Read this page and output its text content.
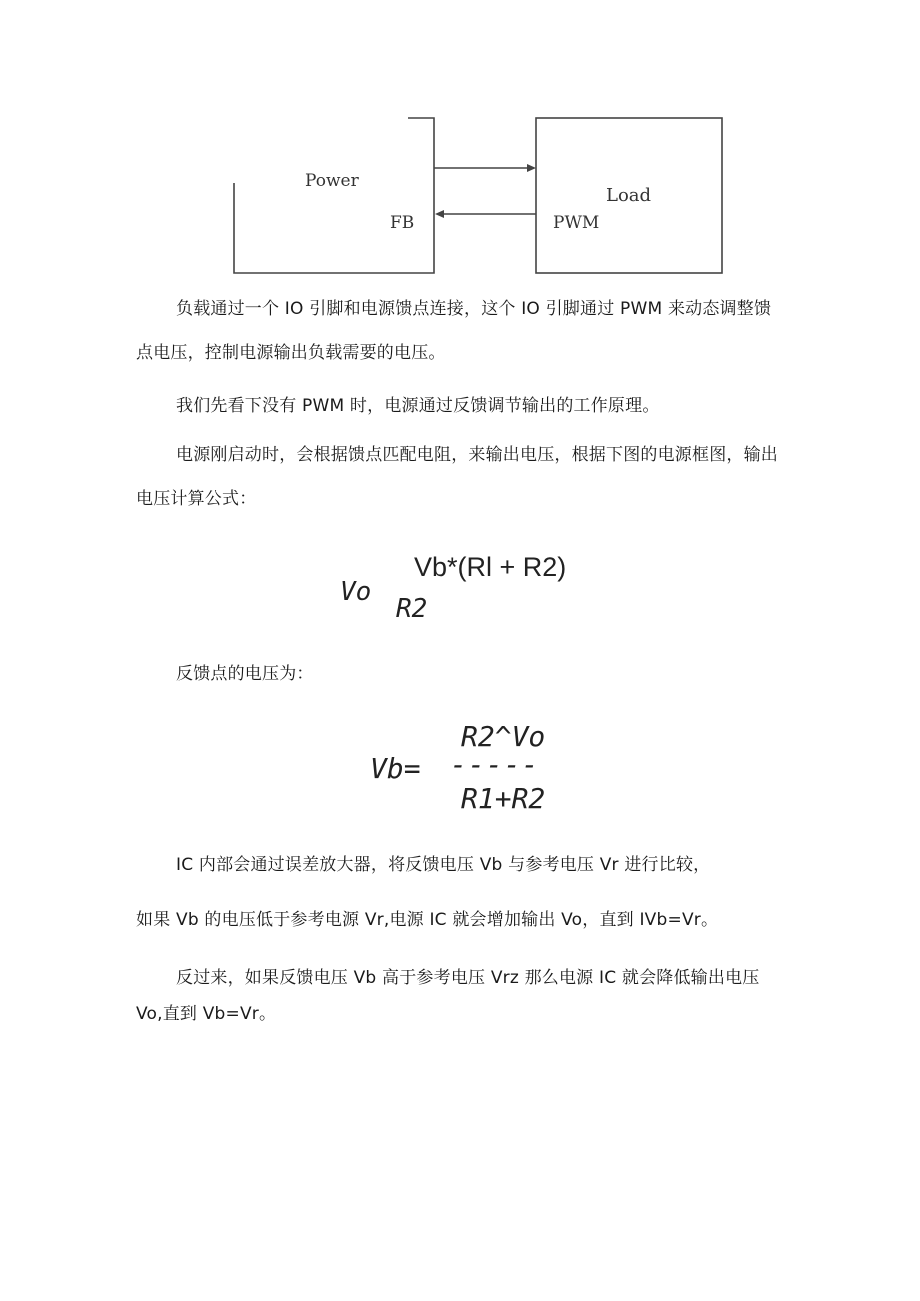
Power
FB
Load
PWM

负载通过一个 IO 引脚和电源馈点连接，这个 IO 引脚通过 PWM 来动态调整馈点电压，控制电源输出负载需要的电压。

我们先看下没有 PWM 时，电源通过反馈调节输出的工作原理。

电源刚启动时，会根据馈点匹配电阻，来输出电压，根据下图的电源框图，输出电压计算公式：

Vb*(Rl + R2)
Vo
R2

反馈点的电压为：

R2^Vo
Vb= -----
R1+R2

IC 内部会通过误差放大器，将反馈电压 Vb 与参考电压 Vr 进行比较，

如果 Vb 的电压低于参考电源 Vr,电源 IC 就会增加输出 Vo，直到 IVb=Vr。

反过来，如果反馈电压 Vb 高于参考电压 Vrz 那么电源 IC 就会降低输出电压 Vo,直到 Vb=Vr。
